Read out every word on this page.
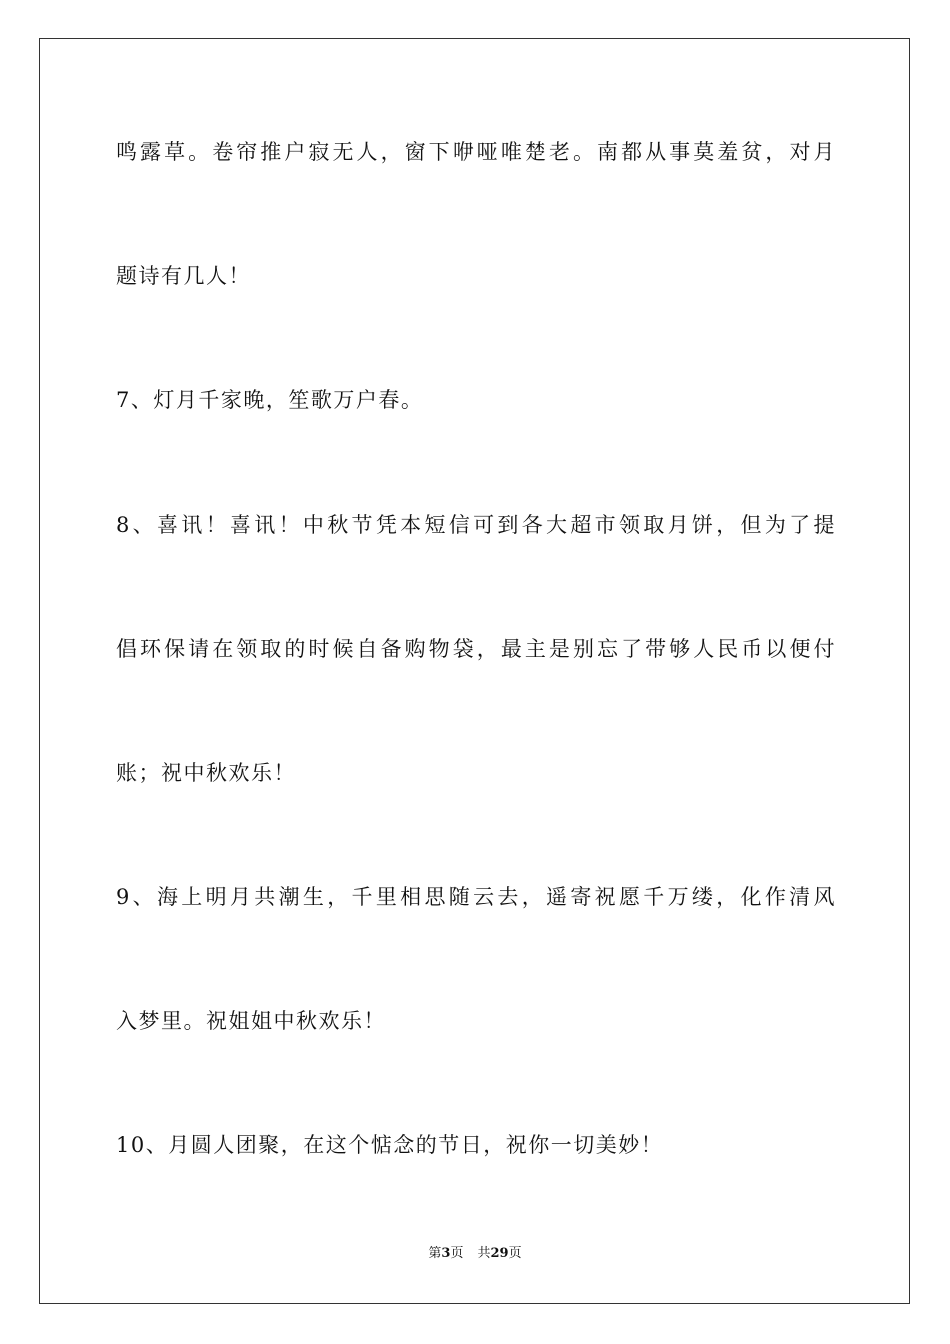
鸣露草。卷帘推户寂无人，窗下咿哑唯楚老。南都从事莫羞贫，对月
题诗有几人！
7、灯月千家晚，笙歌万户春。
8、喜讯！喜讯！中秋节凭本短信可到各大超市领取月饼，但为了提
倡环保请在领取的时候自备购物袋，最主是别忘了带够人民币以便付
账；祝中秋欢乐！
9、海上明月共潮生，千里相思随云去，遥寄祝愿千万缕，化作清风
入梦里。祝姐姐中秋欢乐！
10、月圆人团聚，在这个惦念的节日，祝你一切美妙！
第3页 共29页
